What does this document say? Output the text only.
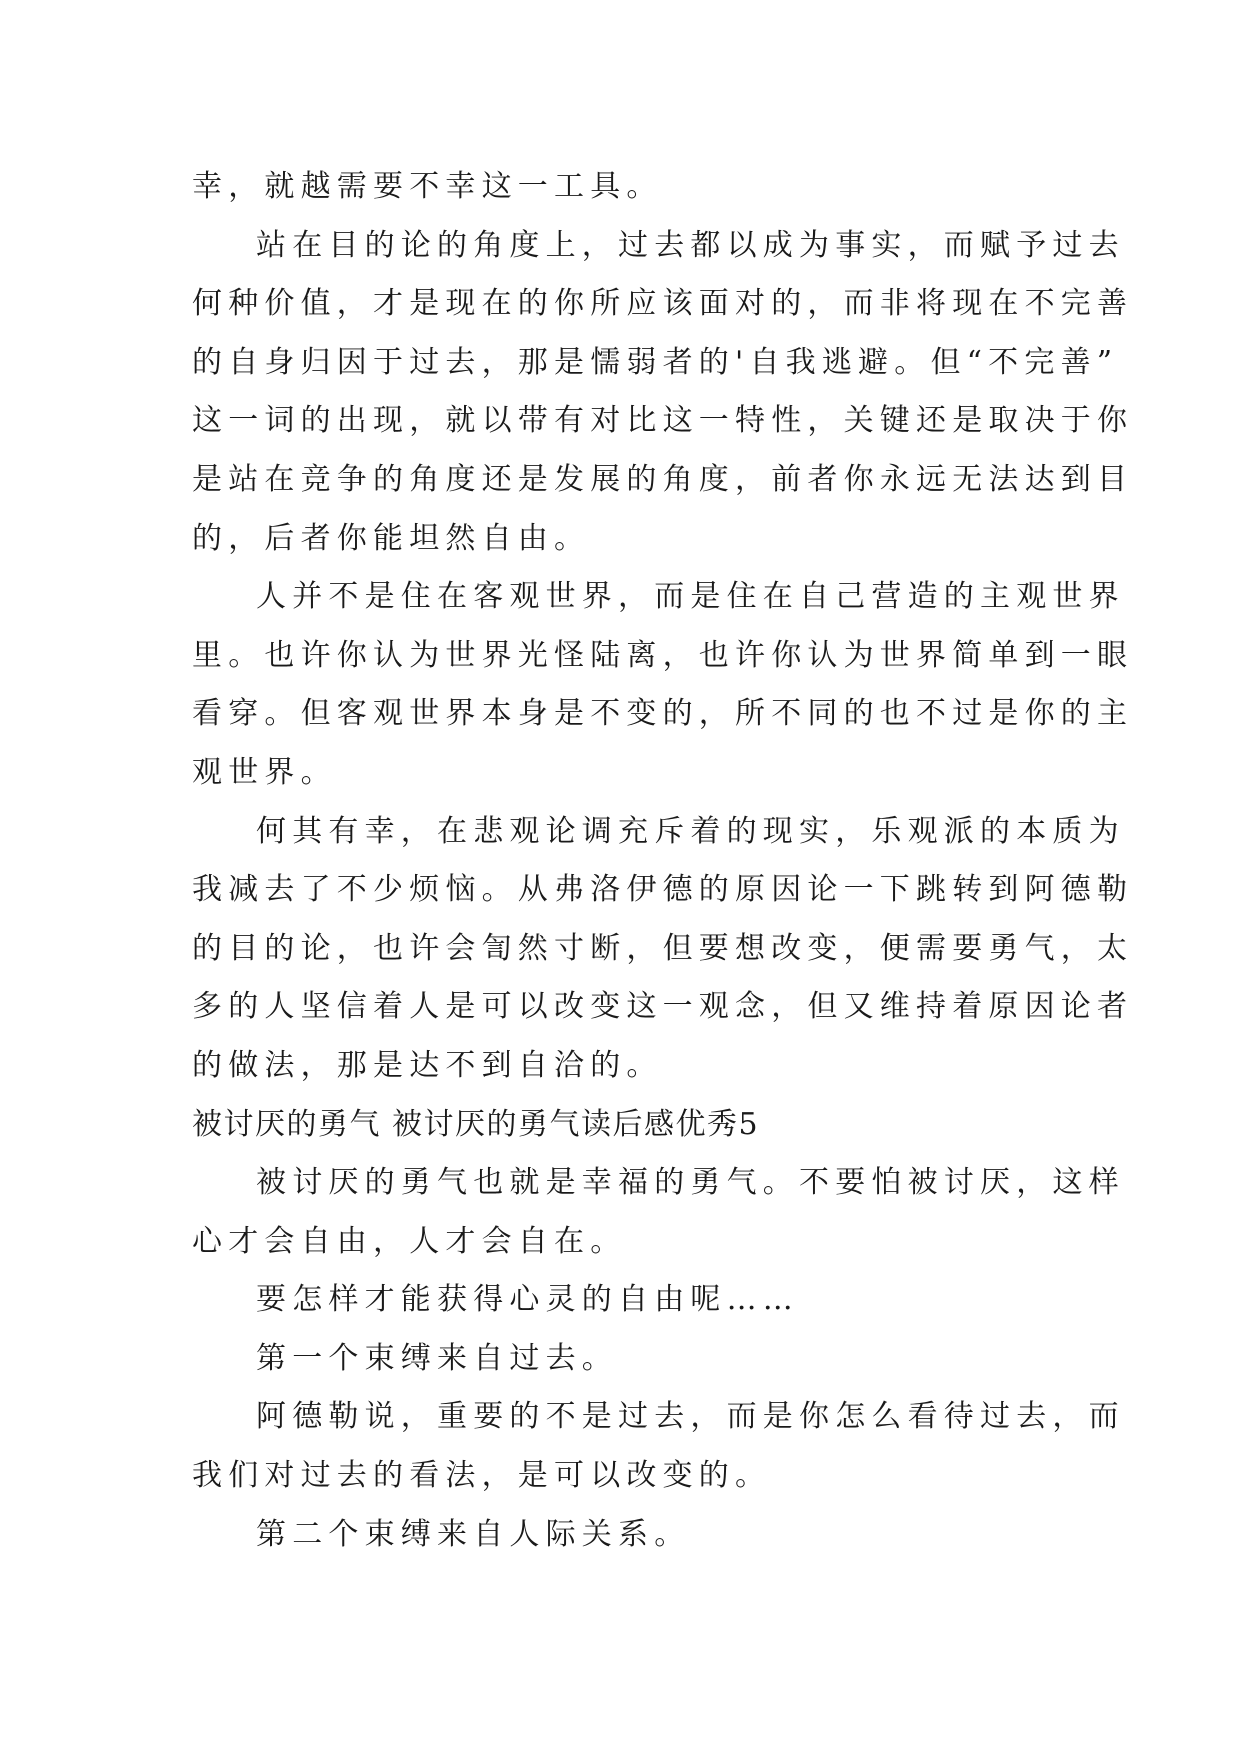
幸，就越需要不幸这一工具。
站在目的论的角度上，过去都以成为事实，而赋予过去
何种价值，才是现在的你所应该面对的，而非将现在不完善
的自身归因于过去，那是懦弱者的'自我逃避。但“不完善”
这一词的出现，就以带有对比这一特性，关键还是取决于你
是站在竞争的角度还是发展的角度，前者你永远无法达到目
的，后者你能坦然自由。
人并不是住在客观世界，而是住在自己营造的主观世界
里。也许你认为世界光怪陆离，也许你认为世界简单到一眼
看穿。但客观世界本身是不变的，所不同的也不过是你的主
观世界。
何其有幸，在悲观论调充斥着的现实，乐观派的本质为
我减去了不少烦恼。从弗洛伊德的原因论一下跳转到阿德勒
的目的论，也许会訇然寸断，但要想改变，便需要勇气，太
多的人坚信着人是可以改变这一观念，但又维持着原因论者
的做法，那是达不到自洽的。
被讨厌的勇气 被讨厌的勇气读后感优秀5
被讨厌的勇气也就是幸福的勇气。不要怕被讨厌，这样
心才会自由，人才会自在。
要怎样才能获得心灵的自由呢……
第一个束缚来自过去。
阿德勒说，重要的不是过去，而是你怎么看待过去，而
我们对过去的看法，是可以改变的。
第二个束缚来自人际关系。
